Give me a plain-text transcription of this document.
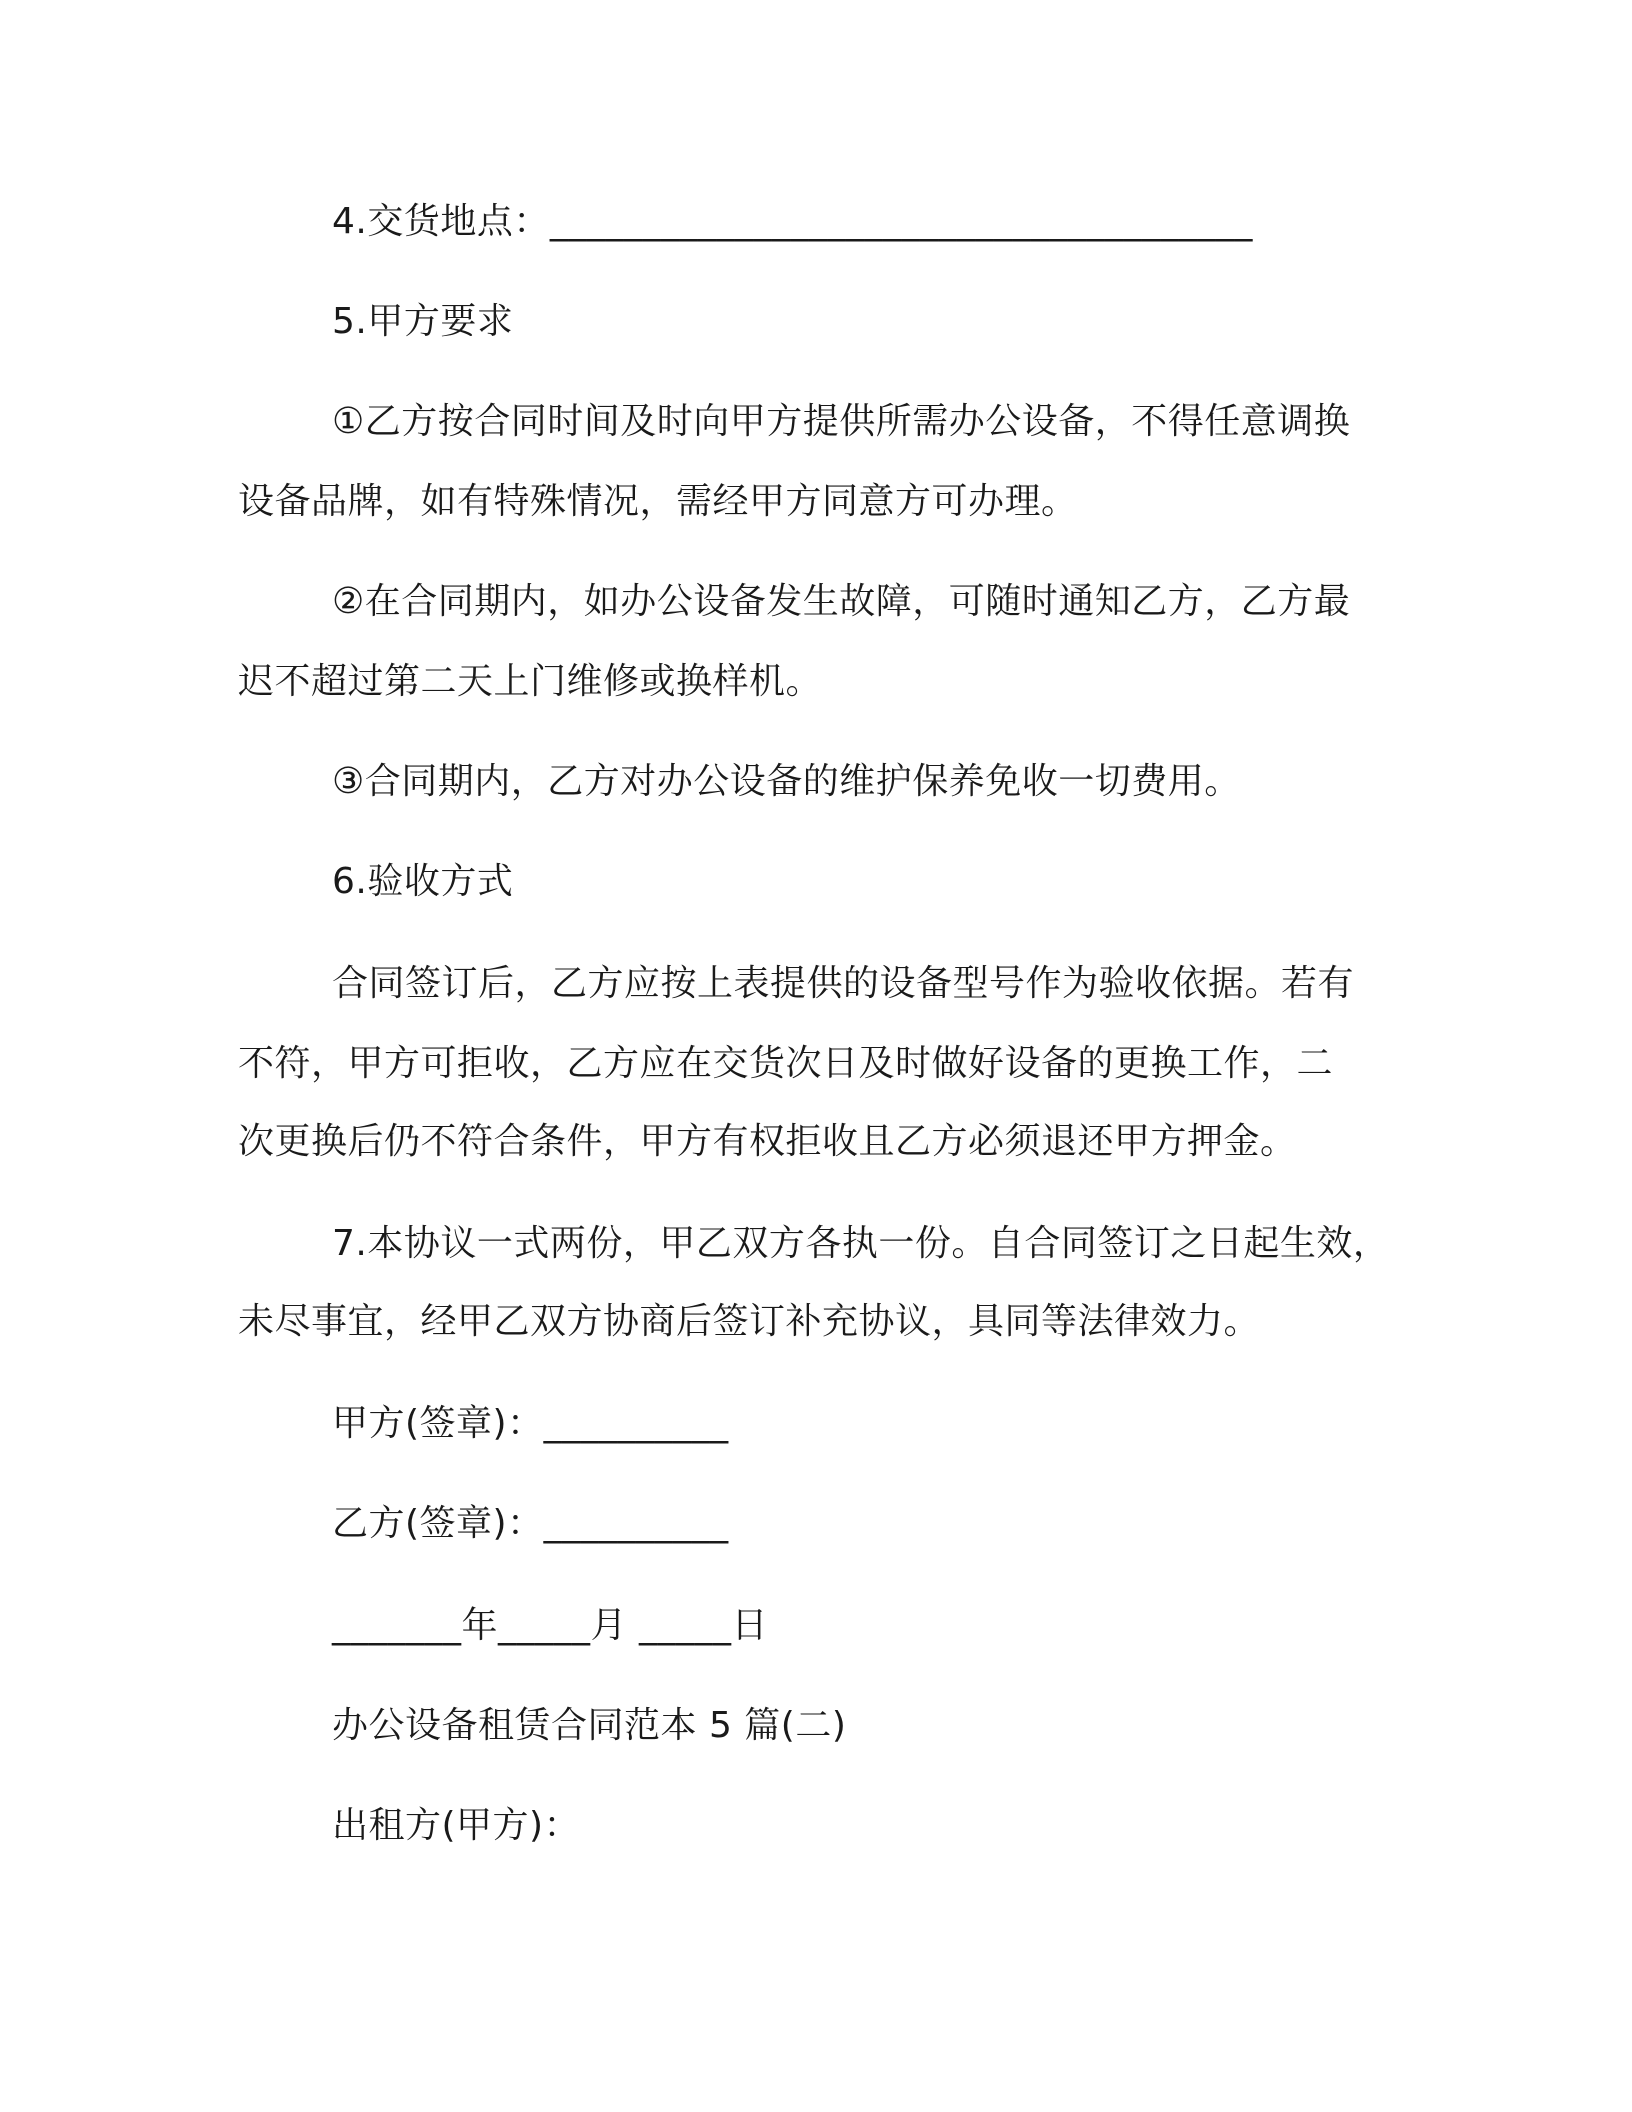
4.交货地点：______________________________________
5.甲方要求
①乙方按合同时间及时向甲方提供所需办公设备，不得任意调换
设备品牌，如有特殊情况，需经甲方同意方可办理。
②在合同期内，如办公设备发生故障，可随时通知乙方，乙方最
迟不超过第二天上门维修或换样机。
③合同期内，乙方对办公设备的维护保养免收一切费用。
6.验收方式
合同签订后，乙方应按上表提供的设备型号作为验收依据。若有
不符，甲方可拒收，乙方应在交货次日及时做好设备的更换工作，二
次更换后仍不符合条件，甲方有权拒收且乙方必须退还甲方押金。
7.本协议一式两份，甲乙双方各执一份。自合同签订之日起生效，
未尽事宜，经甲乙双方协商后签订补充协议，具同等法律效力。
甲方(签章)：__________
乙方(签章)：__________
_______年_____月 _____日
办公设备租赁合同范本 5 篇(二)
出租方(甲方)：
